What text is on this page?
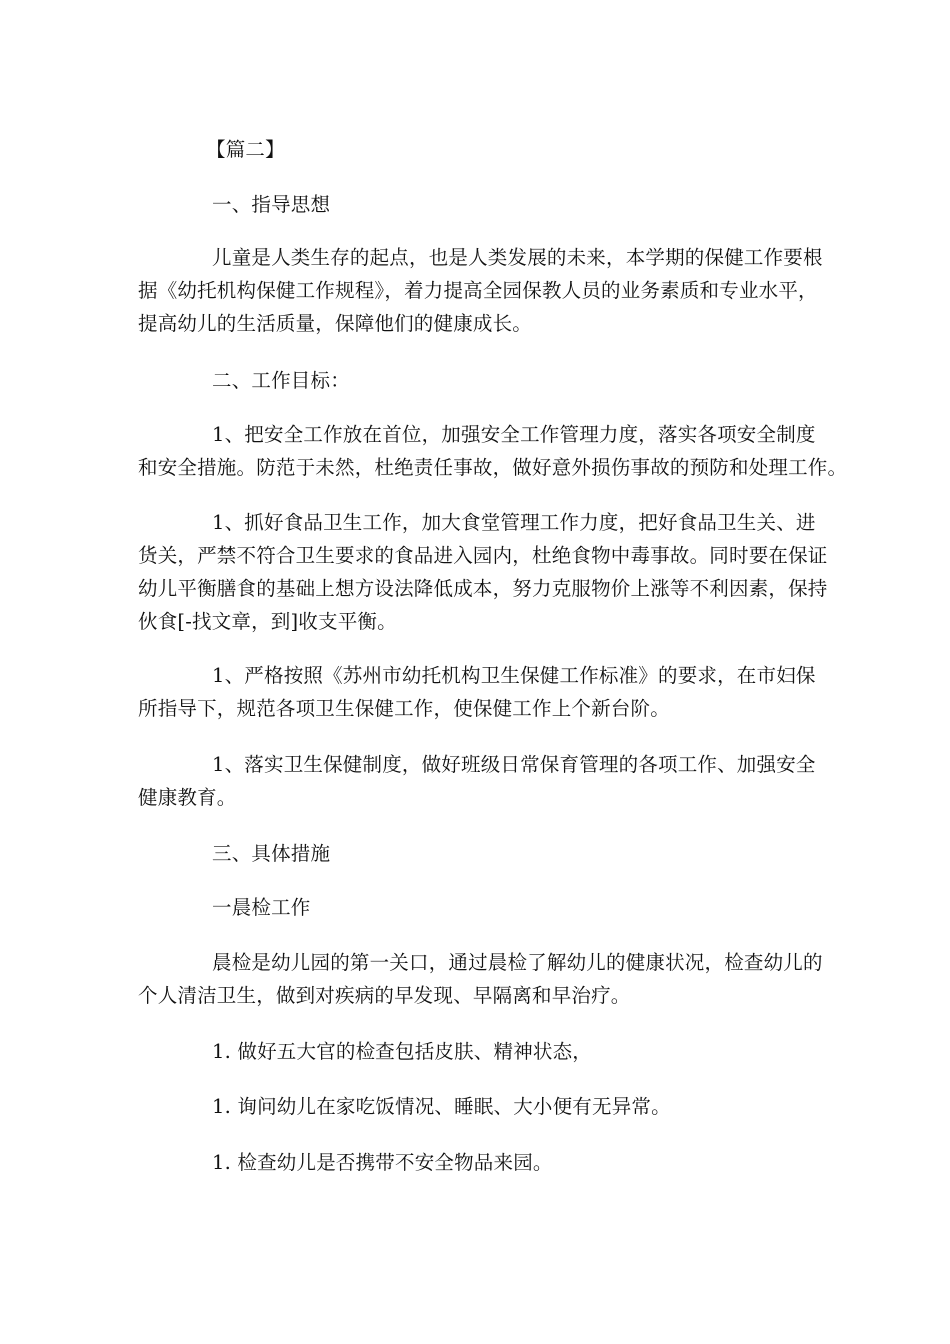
【篇二】
一、指导思想
儿童是人类生存的起点，也是人类发展的未来，本学期的保健工作要根
据《幼托机构保健工作规程》，着力提高全园保教人员的业务素质和专业水平，
提高幼儿的生活质量，保障他们的健康成长。
二、工作目标：
1、把安全工作放在首位，加强安全工作管理力度，落实各项安全制度
和安全措施。防范于未然，杜绝责任事故，做好意外损伤事故的预防和处理工作。
1、抓好食品卫生工作，加大食堂管理工作力度，把好食品卫生关、进
货关，严禁不符合卫生要求的食品进入园内，杜绝食物中毒事故。同时要在保证
幼儿平衡膳食的基础上想方设法降低成本，努力克服物价上涨等不利因素，保持
伙食[-找文章，到]收支平衡。
1、严格按照《苏州市幼托机构卫生保健工作标准》的要求，在市妇保
所指导下，规范各项卫生保健工作，使保健工作上个新台阶。
1、落实卫生保健制度，做好班级日常保育管理的各项工作、加强安全
健康教育。
三、具体措施
一晨检工作
晨检是幼儿园的第一关口，通过晨检了解幼儿的健康状况，检查幼儿的
个人清洁卫生，做到对疾病的早发现、早隔离和早治疗。
1. 做好五大官的检查包括皮肤、精神状态，
1. 询问幼儿在家吃饭情况、睡眠、大小便有无异常。
1. 检查幼儿是否携带不安全物品来园。
